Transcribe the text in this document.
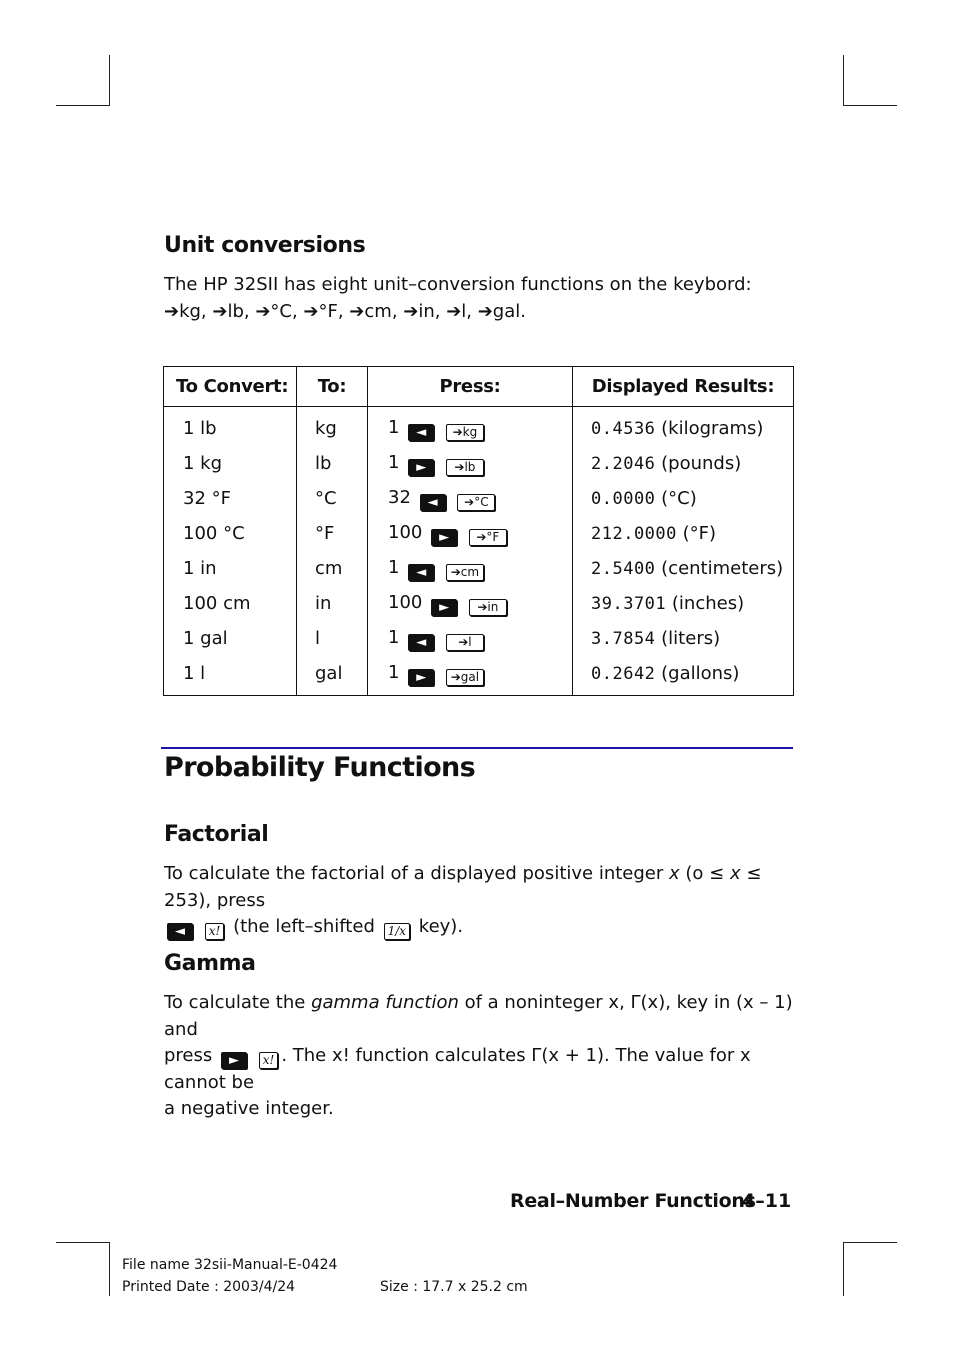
Unit conversions

The HP 32SII has eight unit–conversion functions on the keybord: ➔kg, ➔lb, ➔°C, ➔°F, ➔cm, ➔in, ➔l, ➔gal.

To Convert:	To:	Press:	Displayed Results:
1 lb	kg	1 ◄ ➔kg	0.4536 (kilograms)
1 kg	lb	1 ► ➔lb	2.2046 (pounds)
32 °F	°C	32 ◄ ➔°C	0.0000 (°C)
100 °C	°F	100 ► ➔°F	212.0000 (°F)
1 in	cm	1 ◄ ➔cm	2.5400 (centimeters)
100 cm	in	100 ► ➔in	39.3701 (inches)
1 gal	l	1 ◄ ➔l	3.7854 (liters)
1 l	gal	1 ► ➔gal	0.2642 (gallons)
Probability Functions
Factorial

To calculate the factorial of a displayed positive integer x (o ≤ x ≤ 253), press
◄ x! (the left–shifted 1/x key).

Gamma

To calculate the gamma function of a noninteger x, Γ(x), key in (x – 1) and
press ► x! . The x! function calculates Γ(x + 1). The value for x cannot be
a negative integer.

Real–Number Functions
4–11
File name 32sii-Manual-E-0424
Printed Date : 2003/4/24	Size : 17.7 x 25.2 cm
